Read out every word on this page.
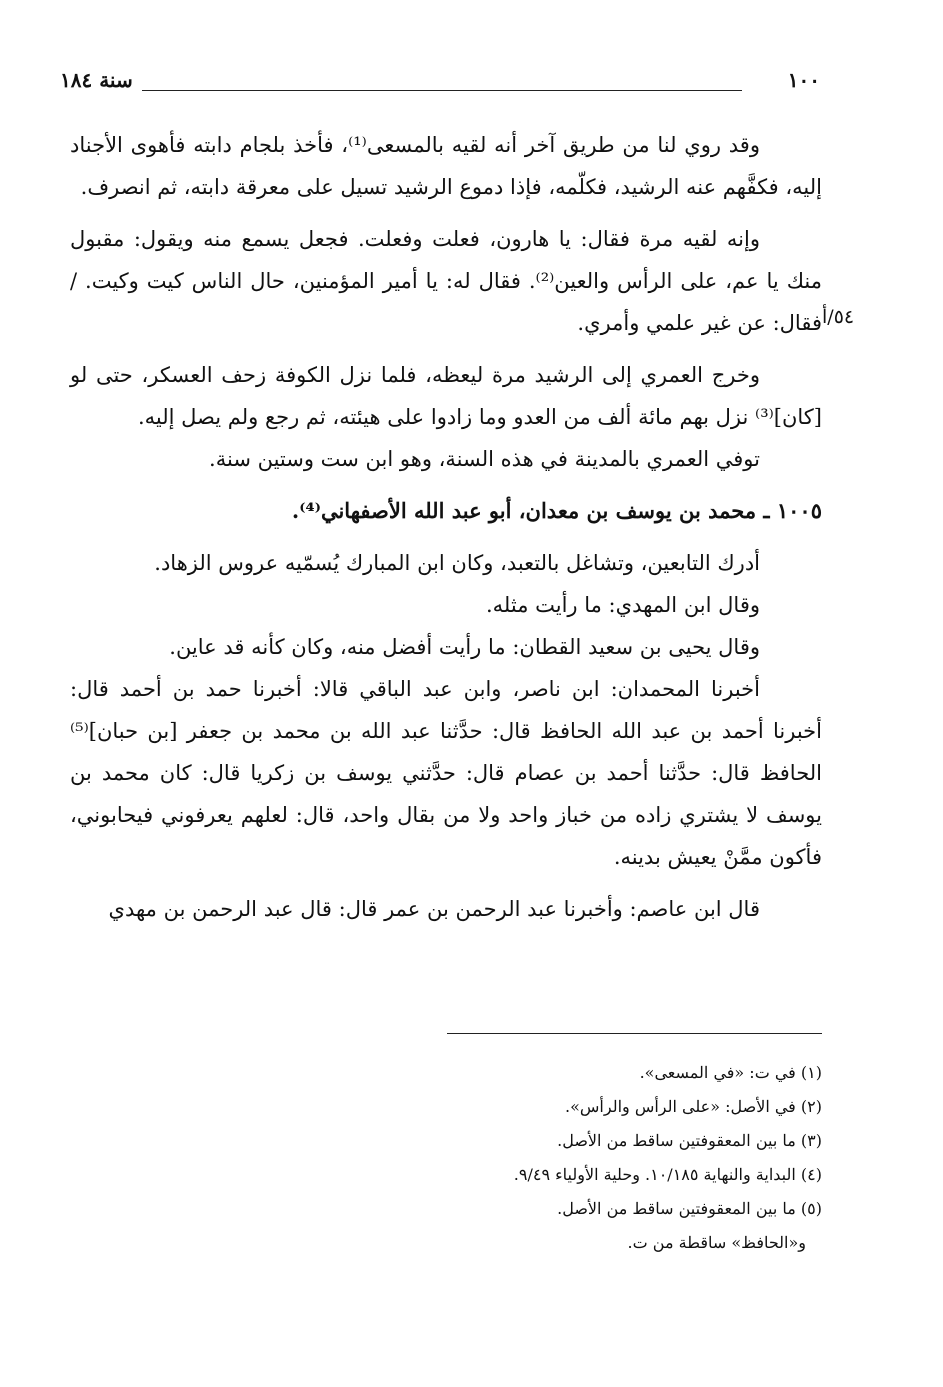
سنة ١٨٤	١٠٠
٥٤/أ

وقد روي لنا من طريق آخر أنه لقيه بالمسعى⁽¹⁾، فأخذ بلجام دابته فأهوى الأجناد إليه، فكفَّهم عنه الرشيد، فكلّمه، فإذا دموع الرشيد تسيل على معرقة دابته، ثم انصرف.

وإنه لقيه مرة فقال: يا هارون، فعلت وفعلت. فجعل يسمع منه ويقول: مقبول منك يا عم، على الرأس والعين⁽²⁾. فقال له: يا أمير المؤمنين، حال الناس كيت وكيت. / فقال: عن غير علمي وأمري.

وخرج العمري إلى الرشيد مرة ليعظه، فلما نزل الكوفة زحف العسكر، حتى لو [كان]⁽³⁾ نزل بهم مائة ألف من العدو وما زادوا على هيئته، ثم رجع ولم يصل إليه.

توفي العمري بالمدينة في هذه السنة، وهو ابن ست وستين سنة.

١٠٠٥ ـ محمد بن يوسف بن معدان، أبو عبد الله الأصفهاني⁽⁴⁾.

أدرك التابعين، وتشاغل بالتعبد، وكان ابن المبارك يُسمّيه عروس الزهاد.

وقال ابن المهدي: ما رأيت مثله.

وقال يحيى بن سعيد القطان: ما رأيت أفضل منه، وكان كأنه قد عاين.

أخبرنا المحمدان: ابن ناصر، وابن عبد الباقي قالا: أخبرنا حمد بن أحمد قال: أخبرنا أحمد بن عبد الله الحافظ قال: حدَّثنا عبد الله بن محمد بن جعفر [بن حبان]⁽⁵⁾ الحافظ قال: حدَّثنا أحمد بن عصام قال: حدَّثني يوسف بن زكريا قال: كان محمد بن يوسف لا يشتري زاده من خباز واحد ولا من بقال واحد، قال: لعلهم يعرفوني فيحابوني، فأكون ممَّنْ يعيش بدينه.

قال ابن عاصم: وأخبرنا عبد الرحمن بن عمر قال: قال عبد الرحمن بن مهدي

(١) في ت: «في المسعى».

(٢) في الأصل: «على الرأس والرأس».

(٣) ما بين المعقوفتين ساقط من الأصل.

(٤) البداية والنهاية ١٠/١٨٥. وحلية الأولياء ٩/٤٩.

(٥) ما بين المعقوفتين ساقط من الأصل.

و«الحافظ» ساقطة من ت.
